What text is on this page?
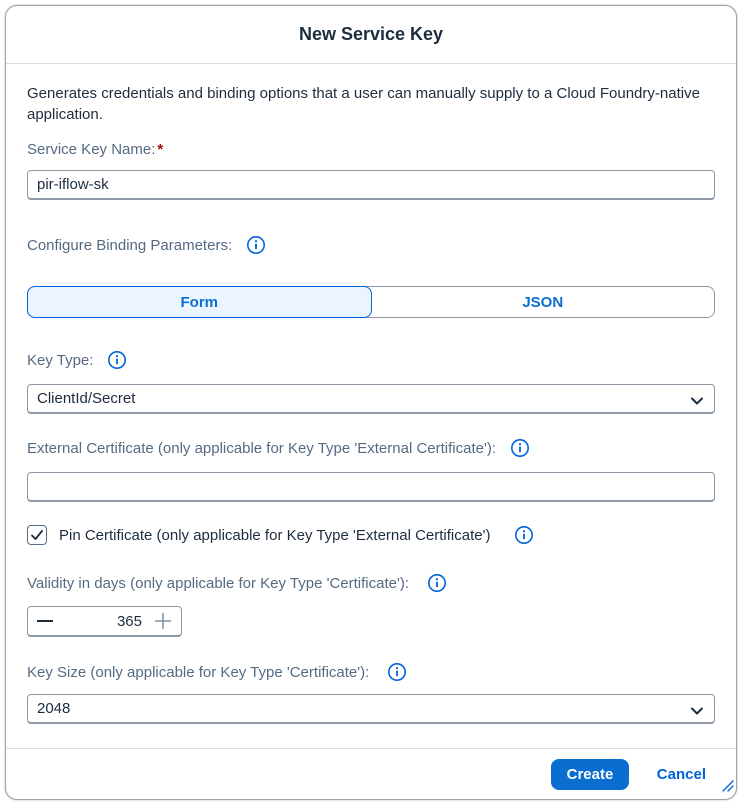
New Service Key
Generates credentials and binding options that a user can manually supply to a Cloud Foundry-native application.
Service Key Name: *
pir-iflow-sk
Configure Binding Parameters:
Form	JSON
Key Type:
ClientId/Secret
External Certificate (only applicable for Key Type 'External Certificate'):
Pin Certificate (only applicable for Key Type 'External Certificate')
Validity in days (only applicable for Key Type 'Certificate'):
365
Key Size (only applicable for Key Type 'Certificate'):
2048
Create	Cancel
